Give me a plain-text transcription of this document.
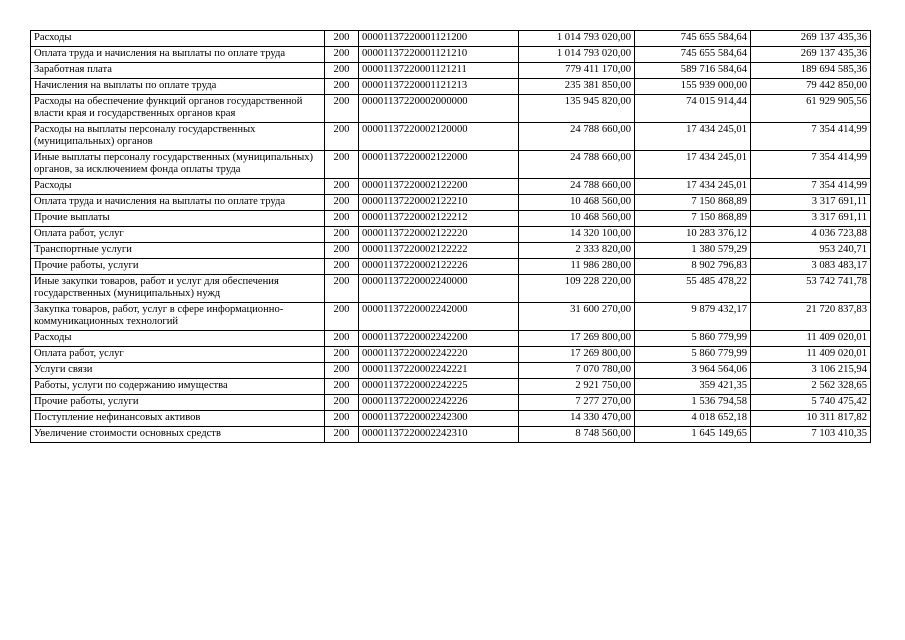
Расходы	200	00001137220001121200	1 014 793 020,00	745 655 584,64	269 137 435,36
Оплата труда и начисления на выплаты по оплате труда	200	00001137220001121210	1 014 793 020,00	745 655 584,64	269 137 435,36
Заработная плата	200	00001137220001121211	779 411 170,00	589 716 584,64	189 694 585,36
Начисления на выплаты по оплате труда	200	00001137220001121213	235 381 850,00	155 939 000,00	79 442 850,00
Расходы на обеспечение функций органов государственной власти края и государственных органов края	200	00001137220002000000	135 945 820,00	74 015 914,44	61 929 905,56
Расходы на выплаты персоналу государственных (муниципальных) органов	200	00001137220002120000	24 788 660,00	17 434 245,01	7 354 414,99
Иные выплаты персоналу государственных (муниципальных) органов, за исключением фонда оплаты труда	200	00001137220002122000	24 788 660,00	17 434 245,01	7 354 414,99
Расходы	200	00001137220002122200	24 788 660,00	17 434 245,01	7 354 414,99
Оплата труда и начисления на выплаты по оплате труда	200	00001137220002122210	10 468 560,00	7 150 868,89	3 317 691,11
Прочие выплаты	200	00001137220002122212	10 468 560,00	7 150 868,89	3 317 691,11
Оплата работ, услуг	200	00001137220002122220	14 320 100,00	10 283 376,12	4 036 723,88
Транспортные услуги	200	00001137220002122222	2 333 820,00	1 380 579,29	953 240,71
Прочие работы, услуги	200	00001137220002122226	11 986 280,00	8 902 796,83	3 083 483,17
Иные закупки товаров, работ и услуг для обеспечения государственных (муниципальных) нужд	200	00001137220002240000	109 228 220,00	55 485 478,22	53 742 741,78
Закупка товаров, работ, услуг в сфере информационно-коммуникационных технологий	200	00001137220002242000	31 600 270,00	9 879 432,17	21 720 837,83
Расходы	200	00001137220002242200	17 269 800,00	5 860 779,99	11 409 020,01
Оплата работ, услуг	200	00001137220002242220	17 269 800,00	5 860 779,99	11 409 020,01
Услуги связи	200	00001137220002242221	7 070 780,00	3 964 564,06	3 106 215,94
Работы, услуги по содержанию имущества	200	00001137220002242225	2 921 750,00	359 421,35	2 562 328,65
Прочие работы, услуги	200	00001137220002242226	7 277 270,00	1 536 794,58	5 740 475,42
Поступление нефинансовых активов	200	00001137220002242300	14 330 470,00	4 018 652,18	10 311 817,82
Увеличение стоимости основных средств	200	00001137220002242310	8 748 560,00	1 645 149,65	7 103 410,35
